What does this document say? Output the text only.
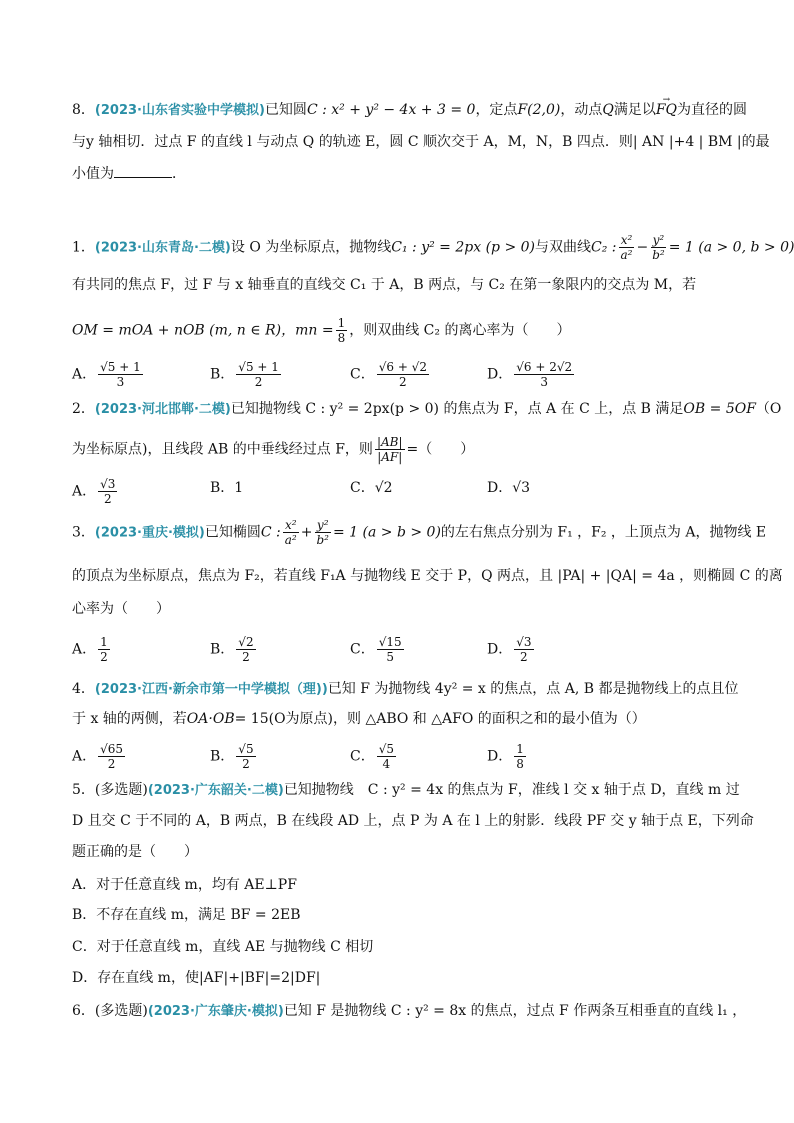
8．(2023·山东省实验中学模拟)已知圆C : x² + y² − 4x + 3 = 0，定点F(2,0)，动点Q满足以→ FQ为直径的圆
与y 轴相切．过点 F 的直线 l 与动点 Q 的轨迹 E，圆 C 顺次交于 A，M，N，B 四点．则| AN |+4 | BM |的最
小值为	．
1．(2023·山东青岛·二模)设 O 为坐标原点，抛物线C₁ : y² = 2px (p > 0)与双曲线C₂ : $\frac{\text{x²}}{\text{a²}} - \frac{\text{y²}}{\text{b²}} = 1$ (a > 0, b > 0)
有共同的焦点 F，过 F 与 x 轴垂直的直线交 C₁ 于 A，B 两点，与 C₂ 在第一象限内的交点为 M，若
OM = mOA + nOB (m, n ∈ R)，mn = $\frac{1}{8}$ ，则双曲线 C₂ 的离心率为（　　）
A． $\frac{√5 + 1}{3}$	B． $\frac{√5 + 1}{2}$	C． $\frac{√6 + √2}{2}$	D． $\frac{√6 + 2√2}{3}$
2．(2023·河北邯郸·二模)已知抛物线 C : y² = 2px(p > 0) 的焦点为 F，点 A 在 C 上，点 B 满足OB = 5OF（O
为坐标原点)，且线段 AB 的中垂线经过点 F，则 $\frac{|AB|}{|AF|}$ =（　　）
A． $\frac{√3}{2}$	B．1	C．√2	D．√3
3．(2023·重庆·模拟)已知椭圆C : $\frac{\text{x²}}{\text{a²}} + \frac{\text{y²}}{\text{b²}} = 1$ (a > b > 0)的左右焦点分别为 F₁ ，F₂ ，上顶点为 A，抛物线 E
的顶点为坐标原点，焦点为 F₂，若直线 F₁A 与抛物线 E 交于 P，Q 两点，且 |PA| + |QA| = 4a ，则椭圆 C 的离
心率为（　　）
A． $\frac{1}{2}$	B． $\frac{√2}{2}$	C． $\frac{√15}{5}$	D． $\frac{√3}{2}$
4．(2023·江西·新余市第一中学模拟（理))已知 F 为抛物线 4y² = x 的焦点，点 A, B 都是抛物线上的点且位
于 x 轴的两侧，若OA·OB= 15(O为原点)，则 △ABO 和 △AFO 的面积之和的最小值为（）
A． $\frac{√65}{2}$	B． $\frac{√5}{2}$	C． $\frac{√5}{4}$	D． $\frac{1}{8}$
5．(多选题)(2023·广东韶关·二模)已知抛物线　C : y² = 4x 的焦点为 F，准线 l 交 x 轴于点 D，直线 m 过
D 且交 C 于不同的 A，B 两点，B 在线段 AD 上，点 P 为 A 在 l 上的射影．线段 PF 交 y 轴于点 E，下列命
题正确的是（　　）
A．对于任意直线 m，均有 AE⊥PF
B．不存在直线 m，满足 BF = 2EB
C．对于任意直线 m，直线 AE 与抛物线 C 相切
D．存在直线 m，使|AF|+|BF|=2|DF|
6．(多选题)(2023·广东肇庆·模拟)已知 F 是抛物线 C : y² = 8x 的焦点，过点 F 作两条互相垂直的直线 l₁ ，
